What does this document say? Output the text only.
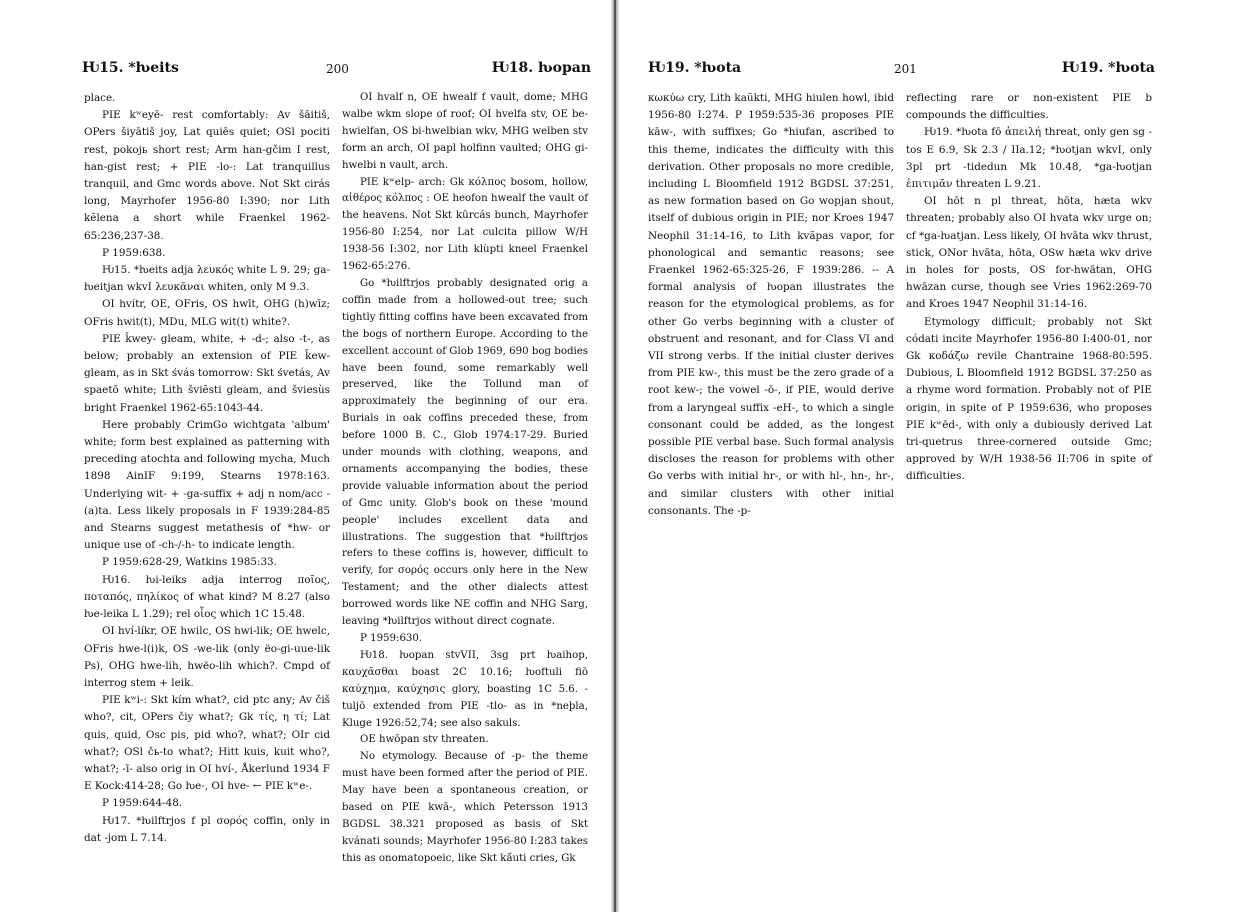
Ƕ15. *ƕeits	200	Ƕ18. ƕopan

place.

PIE kʷeyē- rest comfortably: Av šāitiš, OPers šiyātiš joy, Lat quiēs quiet; OSl pociti rest, pokojь short rest; Arm han-gčim I rest, han-gist rest; + PIE -lo-: Lat tranquillus tranquil, and Gmc words above. Not Skt cirás long, Mayrhofer 1956-80 I:390; nor Lith kẽlena a short while Fraenkel 1962-65:236,237-38.

P 1959:638.

Ƕ15. *ƕeits adja λευκός white L 9. 29; ga-ƕeitjan wkvI λευκᾶναι whiten, only M 9.3.

OI hvítr, OE, OFris, OS hwīt, OHG (h)wīz; OFris hwit(t), MDu, MLG wit(t) white?.

PIE ǩwey- gleam, white, + -d-; also -t-, as below; probably an extension of PIE ǩew- gleam, as in Skt śvás tomorrow: Skt śvetás, Av spaetō white; Lith šviẽsti gleam, and šviesùs bright Fraenkel 1962-65:1043-44.

Here probably CrimGo wichtgata 'album' white; form best explained as patterning with preceding atochta and following mycha, Much 1898 AinIF 9:199, Stearns 1978:163. Underlying wit- + -ga-suffix + adj n nom/acc -(a)ta. Less likely proposals in F 1939:284-85 and Stearns suggest metathesis of *hw- or unique use of -ch-/-h- to indicate length.

P 1959:628-29, Watkins 1985:33.

Ƕ16. ƕi-leiks adja interrog ποῖος, ποταπός, πηλίκος of what kind? M 8.27 (also ƕe-leika L 1.29); rel οἷος which 1C 15.48.

OI hví-líkr, OE hwilc, OS hwi-lik; OE hwelc, OFris hwe-l(i)k, OS -we-lik (only ëo-gi-uue-lik Ps), OHG hwe-lih, hwëo-lih which?. Cmpd of interrog stem + leik.

PIE kʷi-: Skt kím what?, cid ptc any; Av čiš who?, cit, OPers čiy what?; Gk τίς, η τί; Lat quis, quid, Osc pis, pid who?, what?; OIr cid what?; OSl čь-to what?; Hitt kuis, kuit who?, what?; -ī- also orig in OI hví-, Åkerlund 1934 F E Kock:414-28; Go ƕe-, OI hve- ← PIE kʷe-.

P 1959:644-48.

Ƕ17. *ƕilftrjos f pl σορός coffin, only in dat -jom L 7.14.

OI hvalf n, OE hwealf f vault, dome; MHG walbe wkm slope of roof; OI hvelfa stv, OE be-hwielfan, OS bi-hwelbian wkv, MHG welben stv form an arch, OI papl holfinn vaulted; OHG gi-hwelbi n vault, arch.

PIE kʷelp- arch: Gk κόλπος bosom, hollow, αἰθέρος κόλπος : OE heofon hwealf the vault of the heavens. Not Skt kūrcás bunch, Mayrhofer 1956-80 I:254, nor Lat culcita pillow W/H 1938-56 I:302, nor Lith klùpti kneel Fraenkel 1962-65:276.

Go *ƕilftrjos probably designated orig a coffin made from a hollowed-out tree; such tightly fitting coffins have been excavated from the bogs of northern Europe. According to the excellent account of Glob 1969, 690 bog bodies have been found, some remarkably well preserved, like the Tollund man of approximately the beginning of our era. Burials in oak coffins preceded these, from before 1000 B. C., Glob 1974:17-29. Buried under mounds with clothing, weapons, and ornaments accompanying the bodies, these provide valuable information about the period of Gmc unity. Glob's book on these 'mound people' includes excellent data and illustrations. The suggestion that *ƕilftrjos refers to these coffins is, however, difficult to verify, for σορός occurs only here in the New Testament; and the other dialects attest borrowed words like NE coffin and NHG Sarg, leaving *ƕilftrjos without direct cognate.

P 1959:630.

Ƕ18. ƕopan stvVII, 3sg prt ƕaihop, καυχᾶσθαι boast 2C 10.16; ƕoftuli fiō καύχημα, καύχησις glory, boasting 1C 5.6. -tuljō extended from PIE -tlo- as in *neþla, Kluge 1926:52,74; see also sakuls.

OE hwōpan stv threaten.

No etymology. Because of -p- the theme must have been formed after the period of PIE. May have been a spontaneous creation, or based on PIE kwā-, which Petersson 1913 BGDSL 38.321 proposed as basis of Skt kvánati sounds; Mayrhofer 1956-80 I:283 takes this as onomatopoeic, like Skt kā́uti cries, Gk

Ƕ19. *ƕota	201	Ƕ19. *ƕota

κωκύω cry, Lith kaũkti, MHG hiulen howl, ibid 1956-80 I:274. P 1959:535-36 proposes PIE kāw-, with suffixes; Go *hiufan, ascribed to this theme, indicates the difficulty with this derivation. Other proposals no more credible, including L Bloomfield 1912 BGDSL 37:251, as new formation based on Go wopjan shout, itself of dubious origin in PIE; nor Kroes 1947 Neophil 31:14-16, to Lith kvãpas vapor, for phonological and semantic reasons; see Fraenkel 1962-65:325-26, F 1939:286. -- A formal analysis of ƕopan illustrates the reason for the etymological problems, as for other Go verbs beginning with a cluster of obstruent and resonant, and for Class VI and VII strong verbs. If the initial cluster derives from PIE kw-, this must be the zero grade of a root kew-; the vowel -ō-, if PIE, would derive from a laryngeal suffix -eH-, to which a single consonant could be added, as the longest possible PIE verbal base. Such formal analysis discloses the reason for problems with other Go verbs with initial hr-, or with hl-, hn-, hr-, and similar clusters with other initial consonants. The -p-

reflecting rare or non-existent PIE b compounds the difficulties.

Ƕ19. *ƕota fō ἀπειλή threat, only gen sg -tos E 6.9, Sk 2.3 / IIa.12; *ƕotjan wkvI, only 3pl prt -tidedun Mk 10.48, *ga-ƕotjan ἐπιτιμᾶν threaten L 9.21.

OI hōt n pl threat, hōta, hæta wkv threaten; probably also OI hvata wkv urge on; cf *ga-ƕatjan. Less likely, OI hvāta wkv thrust, stick, ONor hvāta, hōta, OSw hæta wkv drive in holes for posts, OS for-hwātan, OHG hwāzan curse, though see Vries 1962:269-70 and Kroes 1947 Neophil 31:14-16.

Etymology difficult; probably not Skt códati incite Mayrhofer 1956-80 I:400-01, nor Gk κοδάζω revile Chantraine 1968-80:595. Dubious, L Bloomfield 1912 BGDSL 37:250 as a rhyme word formation. Probably not of PIE origin, in spite of P 1959:636, who proposes PIE kʷēd-, with only a dubiously derived Lat tri-quetrus three-cornered outside Gmc; approved by W/H 1938-56 II:706 in spite of difficulties.
